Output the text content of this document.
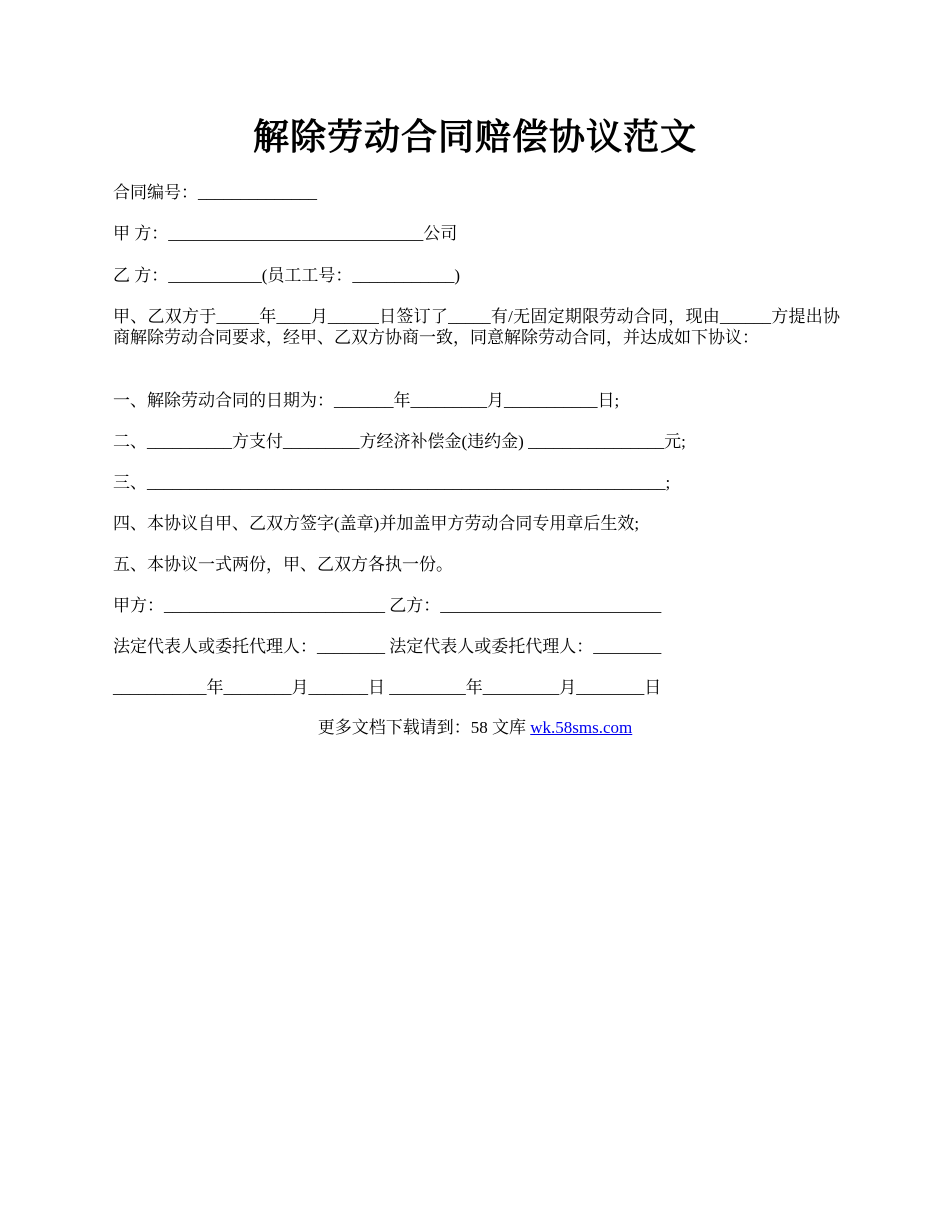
解除劳动合同赔偿协议范文
合同编号：______________
甲 方：______________________________公司
乙 方：___________(员工工号：____________)
甲、乙双方于_____年____月______日签订了_____有/无固定期限劳动合同，现由______方提出协商解除劳动合同要求，经甲、乙双方协商一致，同意解除劳动合同，并达成如下协议：
一、解除劳动合同的日期为：_______年_________月___________日;
二、__________方支付_________方经济补偿金(违约金) ________________元;
三、_____________________________________________________________;
四、本协议自甲、乙双方签字(盖章)并加盖甲方劳动合同专用章后生效;
五、本协议一式两份，甲、乙双方各执一份。
甲方：__________________________ 乙方：__________________________
法定代表人或委托代理人：________ 法定代表人或委托代理人：________
___________年________月_______日 _________年_________月________日
更多文档下载请到：58 文库 wk.58sms.com
